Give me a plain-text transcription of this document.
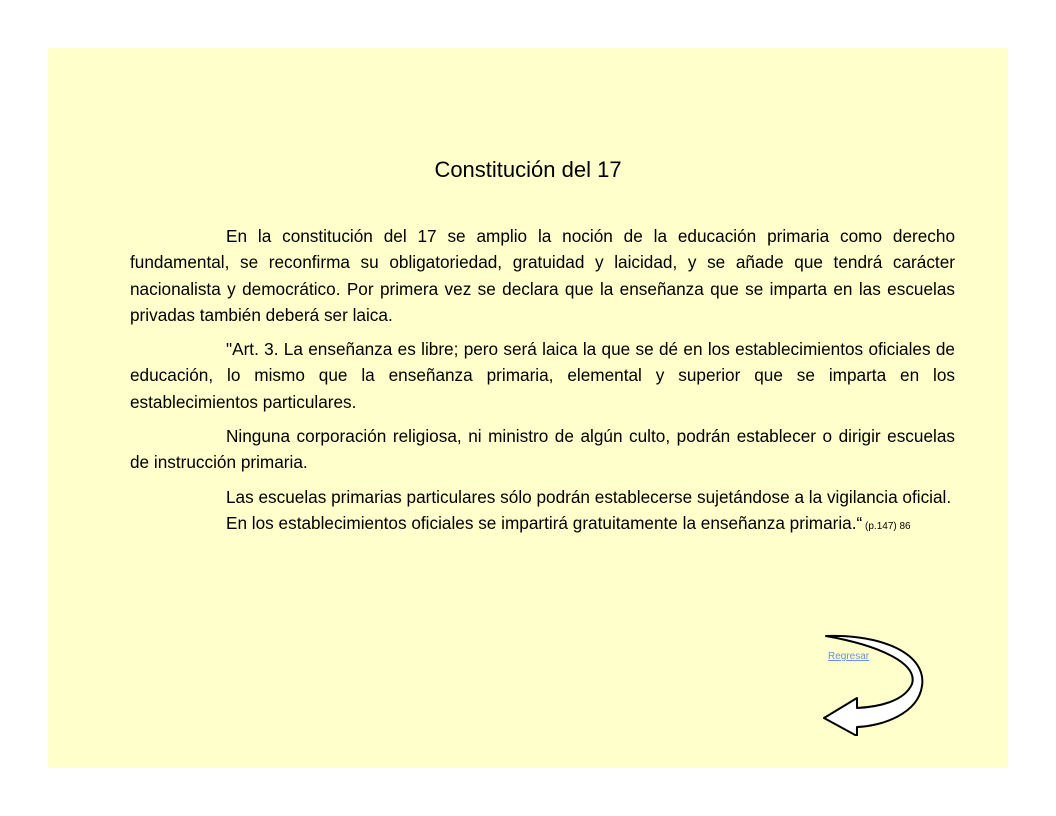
Constitución del 17

En la constitución del 17 se amplio la noción de la educación primaria como derecho fundamental, se reconfirma su obligatoriedad, gratuidad y laicidad, y se añade que tendrá carácter nacionalista y democrático. Por primera vez se declara que la enseñanza que se imparta en las escuelas privadas también deberá ser laica.

"Art. 3. La enseñanza es libre; pero será laica la que se dé en los establecimientos oficiales de educación, lo mismo que la enseñanza primaria, elemental y superior que se imparta en los establecimientos particulares.

Ninguna corporación religiosa, ni ministro de algún culto, podrán establecer o dirigir escuelas de instrucción primaria.

Las escuelas primarias particulares sólo podrán establecerse sujetándose a la vigilancia oficial.

En los establecimientos oficiales se impartirá gratuitamente la enseñanza primaria.“ (p.147) 86

Regresar
